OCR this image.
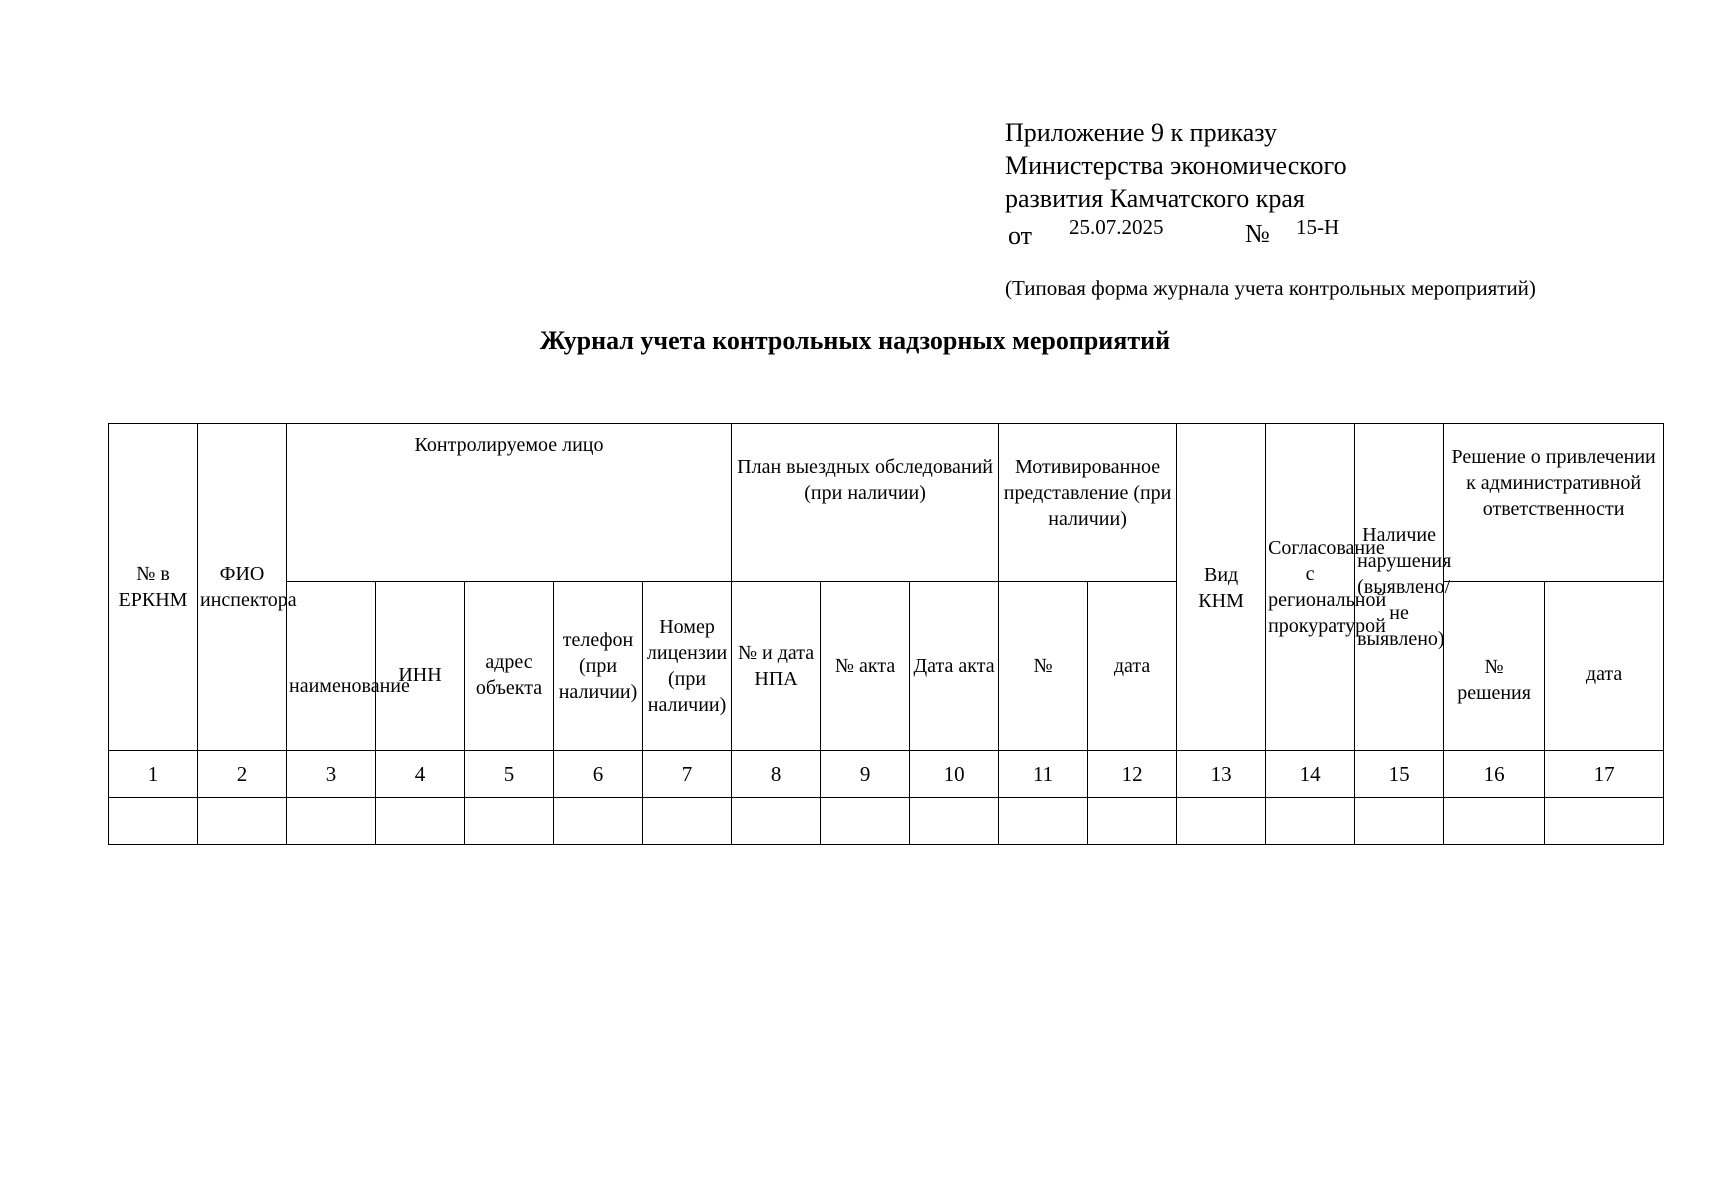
Приложение 9 к приказу
Министерства экономического
развития Камчатского края
от 25.07.2025	№ 15-Н
(Типовая форма журнала учета контрольных мероприятий)
Журнал учета контрольных надзорных мероприятий
№ в ЕРКНМ	ФИО инспектора	Контролируемое лицо					План выездных обследований (при наличии)			Мотивированное представление (при наличии)		Вид КНМ	Согласование с региональной прокуратурой	Наличие нарушения (выявлено/не выявлено)	Решение о привлечении к административной ответственности	
		наименование	ИНН	адрес объекта	телефон (при наличии)	Номер лицензии (при наличии)	№ и дата НПА	№ акта	Дата акта	№	дата				№ решения	дата
1	2	3	4	5	6	7	8	9	10	11	12	13	14	15	16	17
